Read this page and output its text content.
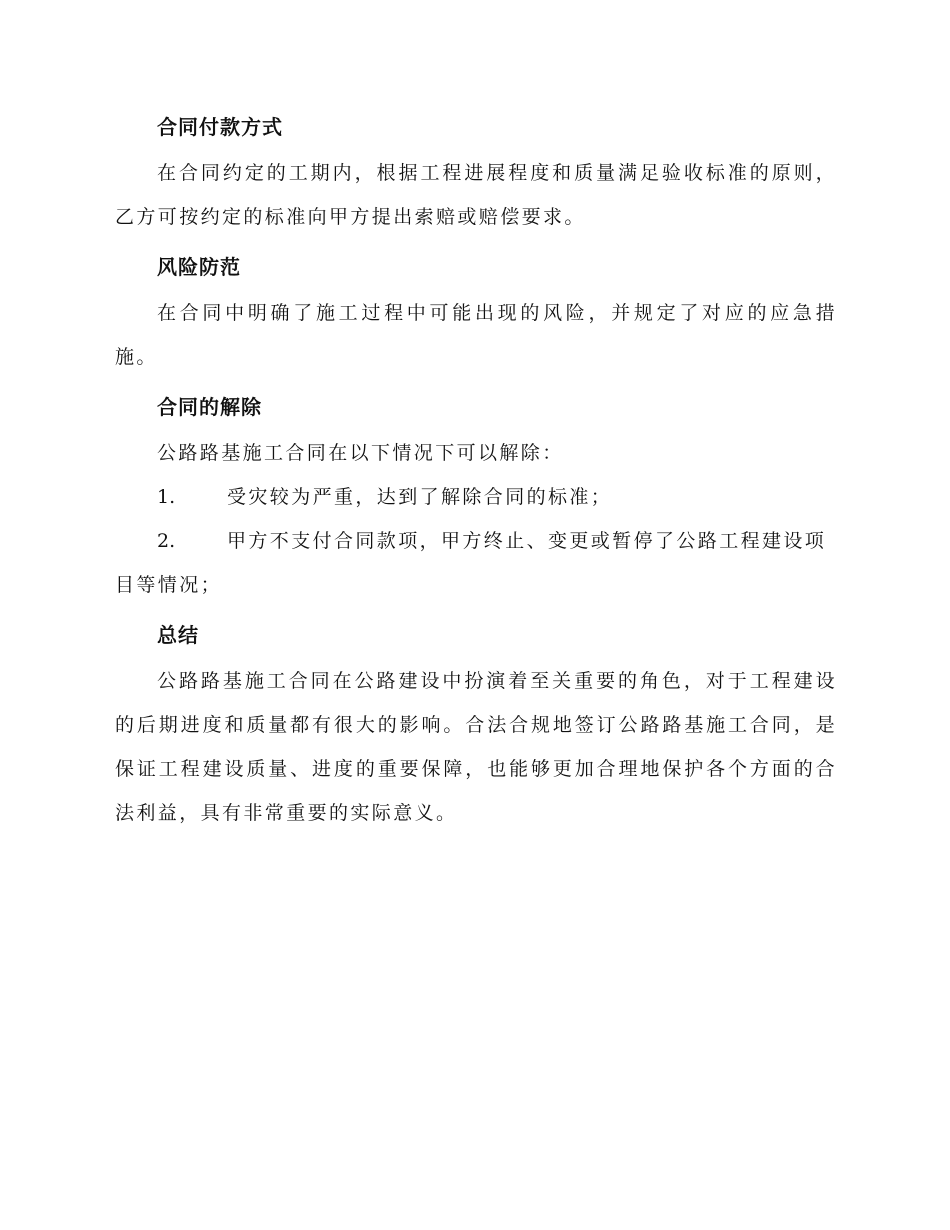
合同付款方式

在合同约定的工期内，根据工程进展程度和质量满足验收标准的原则，乙方可按约定的标准向甲方提出索赔或赔偿要求。

风险防范

在合同中明确了施工过程中可能出现的风险，并规定了对应的应急措施。

合同的解除

公路路基施工合同在以下情况下可以解除：

1.	受灾较为严重，达到了解除合同的标准；

2.	甲方不支付合同款项，甲方终止、变更或暂停了公路工程建设项目等情况；

总结

公路路基施工合同在公路建设中扮演着至关重要的角色，对于工程建设的后期进度和质量都有很大的影响。合法合规地签订公路路基施工合同，是保证工程建设质量、进度的重要保障，也能够更加合理地保护各个方面的合法利益，具有非常重要的实际意义。
